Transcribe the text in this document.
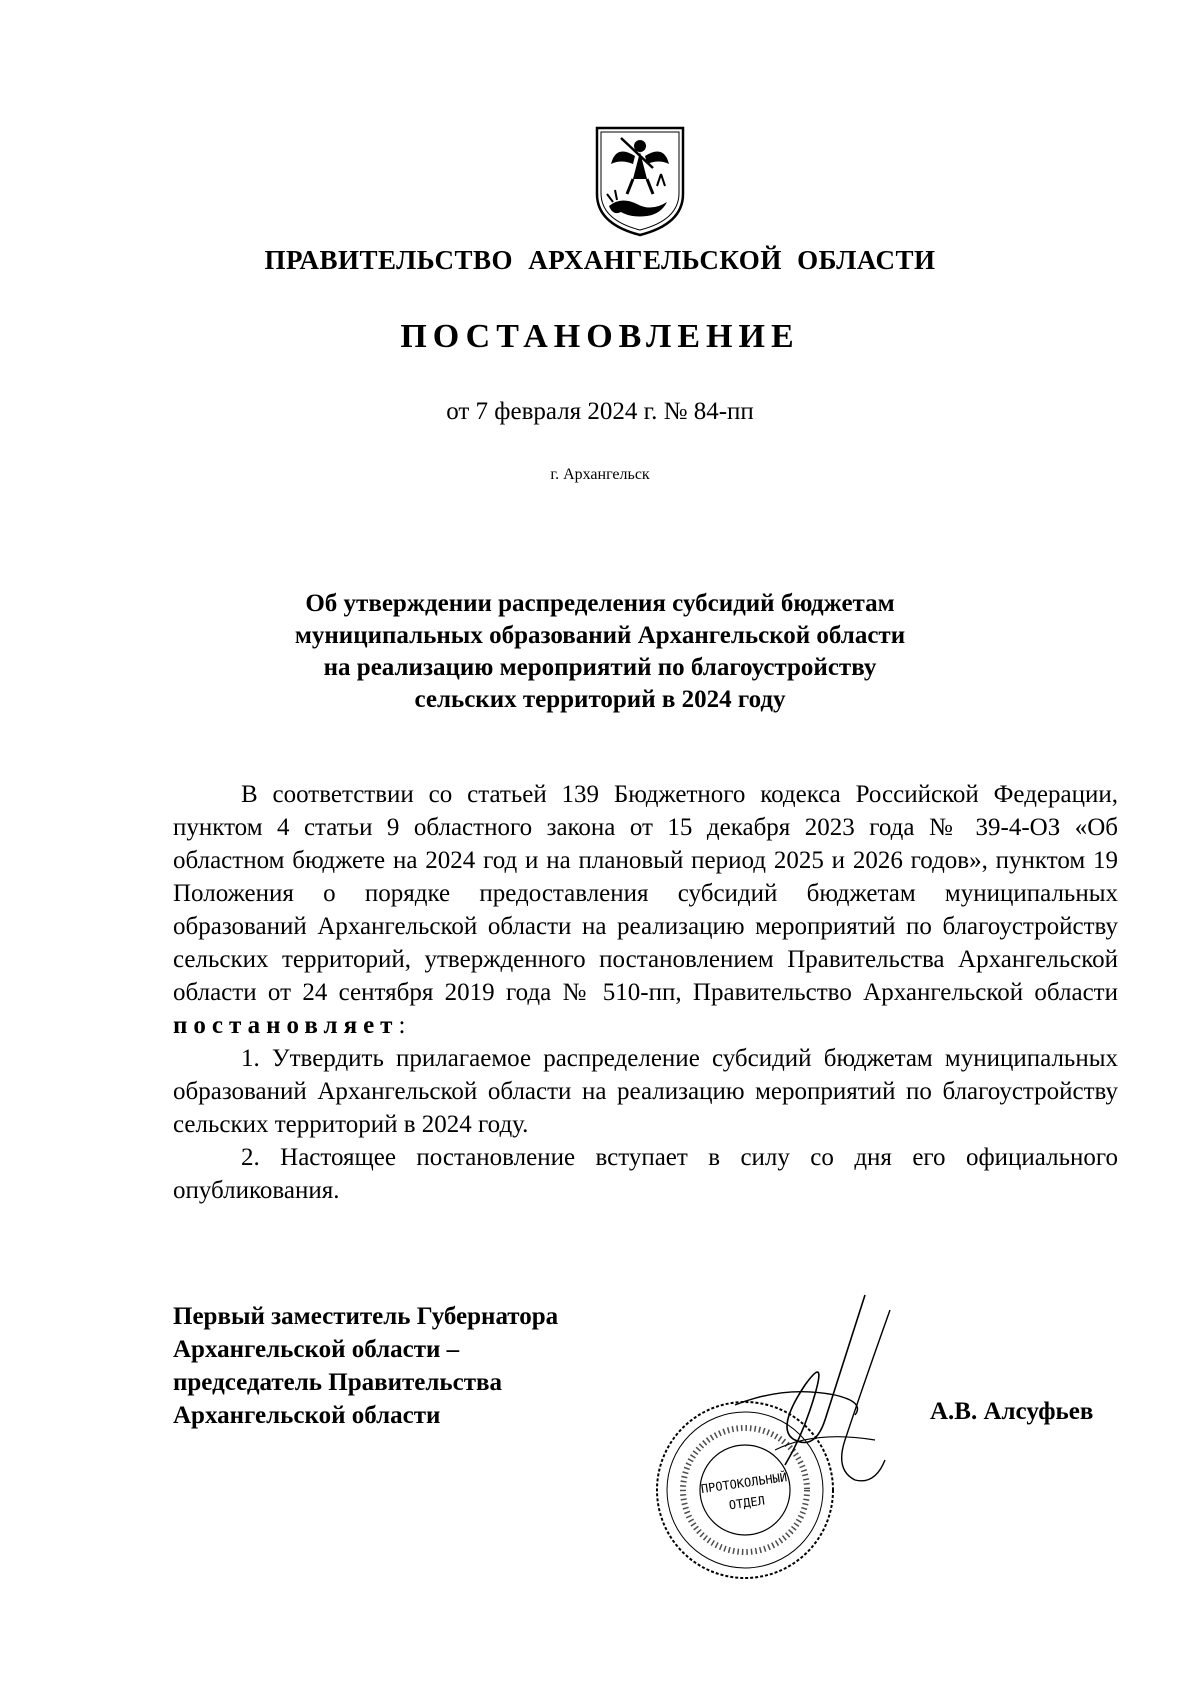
ПРАВИТЕЛЬСТВО АРХАНГЕЛЬСКОЙ ОБЛАСТИ
ПОСТАНОВЛЕНИЕ
от 7 февраля 2024 г. № 84-пп
г. Архангельск
Об утверждении распределения субсидий бюджетам
муниципальных образований Архангельской области
на реализацию мероприятий по благоустройству
сельских территорий в 2024 году

В соответствии со статьей 139 Бюджетного кодекса Российской Федерации, пунктом 4 статьи 9 областного закона от 15 декабря 2023 года № 39-4-ОЗ «Об областном бюджете на 2024 год и на плановый период 2025 и 2026 годов», пунктом 19 Положения о порядке предоставления субсидий бюджетам муниципальных образований Архангельской области на реализацию мероприятий по благоустройству сельских территорий, утвержденного постановлением Правительства Архангельской области от 24 сентября 2019 года № 510-пп, Правительство Архангельской области постановляет:

1. Утвердить прилагаемое распределение субсидий бюджетам муниципальных образований Архангельской области на реализацию мероприятий по благоустройству сельских территорий в 2024 году.

2. Настоящее постановление вступает в силу со дня его официального опубликования.

Первый заместитель Губернатора
Архангельской области –
председатель Правительства
Архангельской области	А.В. Алсуфьев
ПРОТОКОЛЬНЫЙ
ОТДЕЛ
